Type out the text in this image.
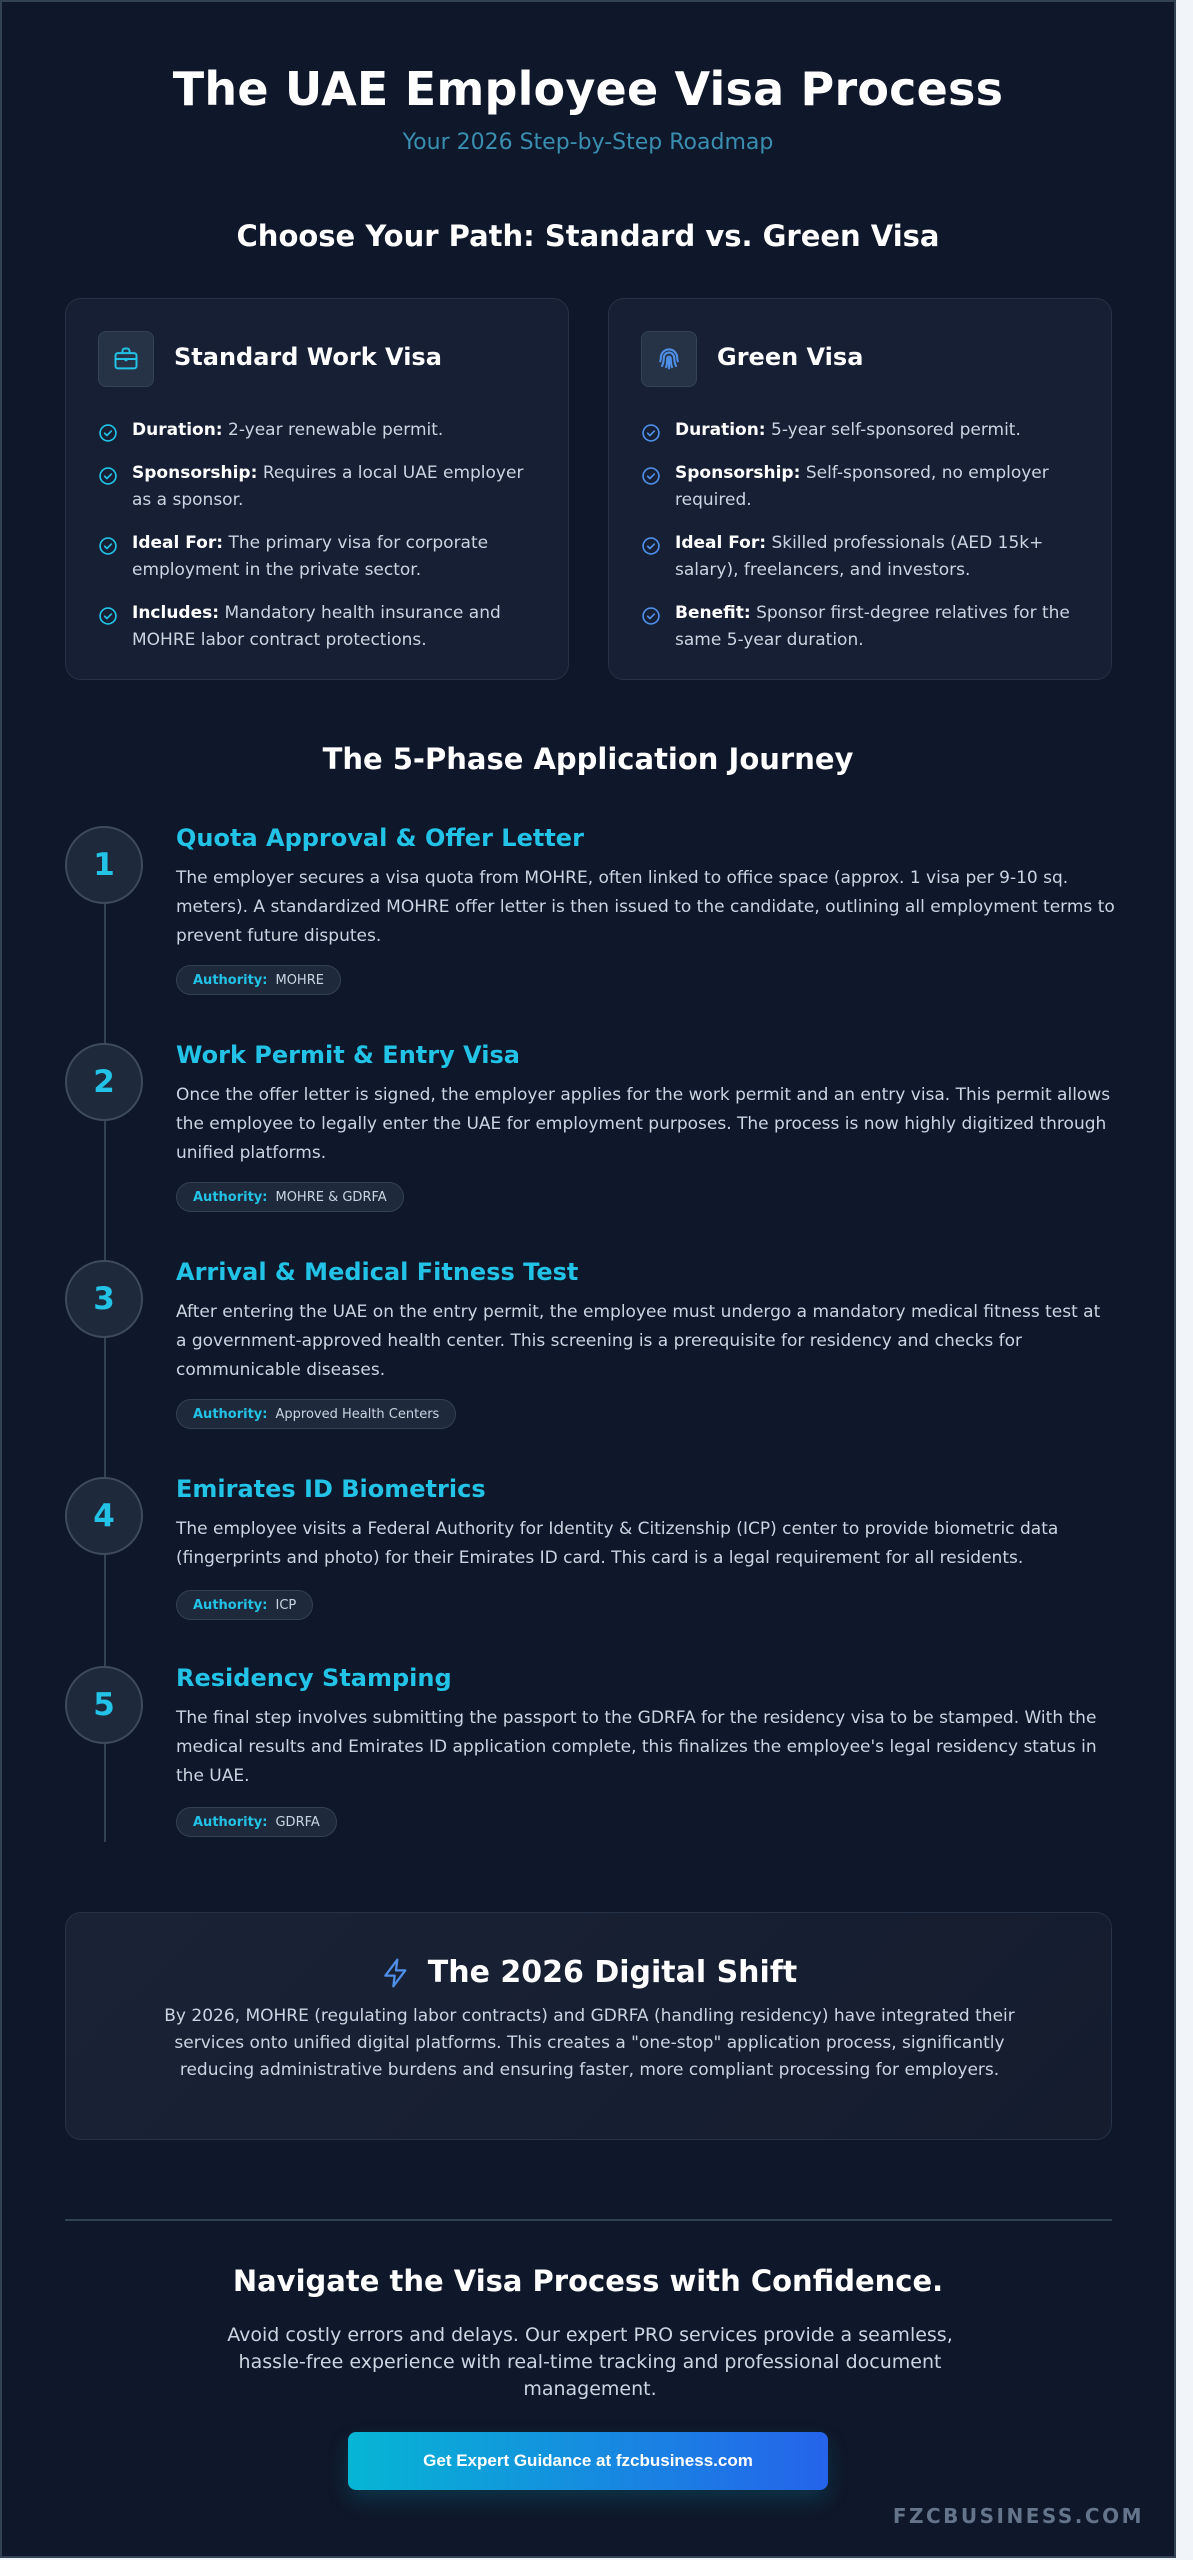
The UAE Employee Visa Process
Your 2026 Step-by-Step Roadmap
Choose Your Path: Standard vs. Green Visa
Standard Work Visa
Duration: 2-year renewable permit.
Sponsorship: Requires a local UAE employer as a sponsor.
Ideal For: The primary visa for corporate employment in the private sector.
Includes: Mandatory health insurance and MOHRE labor contract protections.
Green Visa
Duration: 5-year self-sponsored permit.
Sponsorship: Self-sponsored, no employer required.
Ideal For: Skilled professionals (AED 15k+ salary), freelancers, and investors.
Benefit: Sponsor first-degree relatives for the same 5-year duration.
The 5-Phase Application Journey
1
Quota Approval & Offer Letter
The employer secures a visa quota from MOHRE, often linked to office space (approx. 1 visa per 9-10 sq. meters). A standardized MOHRE offer letter is then issued to the candidate, outlining all employment terms to prevent future disputes.
Authority: MOHRE
2
Work Permit & Entry Visa
Once the offer letter is signed, the employer applies for the work permit and an entry visa. This permit allows the employee to legally enter the UAE for employment purposes. The process is now highly digitized through unified platforms.
Authority: MOHRE & GDRFA
3
Arrival & Medical Fitness Test
After entering the UAE on the entry permit, the employee must undergo a mandatory medical fitness test at a government-approved health center. This screening is a prerequisite for residency and checks for communicable diseases.
Authority: Approved Health Centers
4
Emirates ID Biometrics
The employee visits a Federal Authority for Identity & Citizenship (ICP) center to provide biometric data (fingerprints and photo) for their Emirates ID card. This card is a legal requirement for all residents.
Authority: ICP
5
Residency Stamping
The final step involves submitting the passport to the GDRFA for the residency visa to be stamped. With the medical results and Emirates ID application complete, this finalizes the employee's legal residency status in the UAE.
Authority: GDRFA
The 2026 Digital Shift
By 2026, MOHRE (regulating labor contracts) and GDRFA (handling residency) have integrated their services onto unified digital platforms. This creates a "one-stop" application process, significantly reducing administrative burdens and ensuring faster, more compliant processing for employers.
Navigate the Visa Process with Confidence.

Avoid costly errors and delays. Our expert PRO services provide a seamless, hassle-free experience with real-time tracking and professional document management.

Get Expert Guidance at fzcbusiness.com
FZCBUSINESS.COM
